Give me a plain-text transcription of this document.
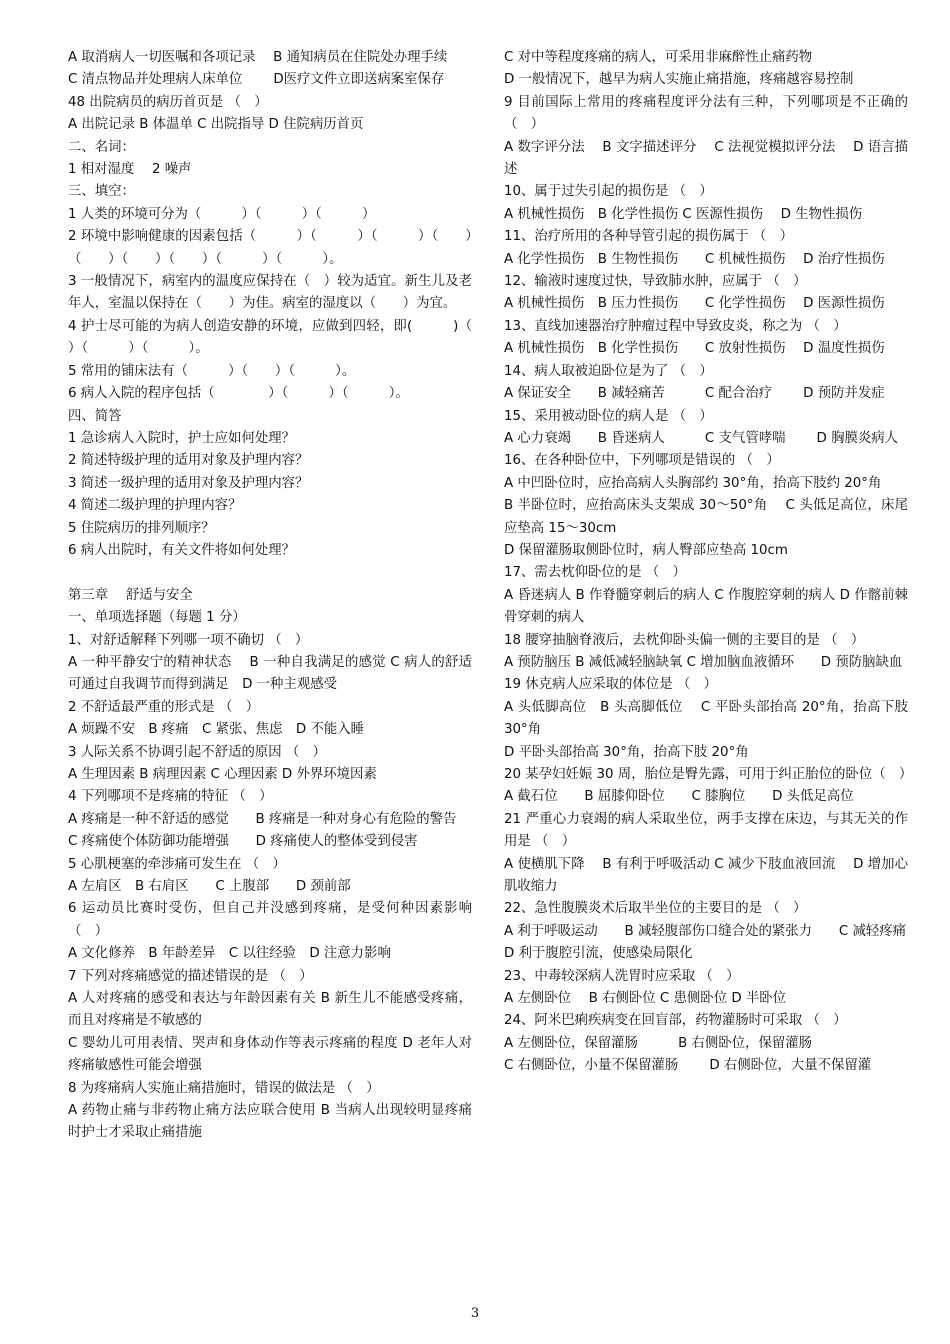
A 取消病人一切医嘱和各项记录　 B 通知病员在住院处办理手续
C 清点物品并处理病人床单位　　 D医疗文件立即送病案室保存
48 出院病员的病历首页是 （　）
A 出院记录 B 体温单 C 出院指导 D 住院病历首页
二、名词：
1 相对湿度　 2 噪声
三、填空：
1 人类的环境可分为（　　　）（　　　）（　　　）
2 环境中影响健康的因素包括（　　　）（　　　）（　　　）（　　）（　　）（　　）（　　）（　　　）（　　　）。
3 一般情况下，病室内的温度应保持在（　）较为适宜。新生儿及老年人，室温以保持在（　　）为佳。病室的湿度以（　　）为宜。
4 护士尽可能的为病人创造安静的环境，应做到四轻，即(　　　)（　　　）（　　　）（　　　）。
5 常用的铺床法有（　　　）（　　）（　　　）。
6 病人入院的程序包括（　　　　）（　　　）（　　　）。
四、简答
1 急诊病人入院时，护士应如何处理？
2 简述特级护理的适用对象及护理内容？
3 简述一级护理的适用对象及护理内容？
4 简述二级护理的护理内容？
5 住院病历的排列顺序？
6 病人出院时，有关文件将如何处理？
第三章　 舒适与安全
一、单项选择题（每题 1 分）
1、对舒适解释下列哪一项不确切 （　）
A 一种平静安宁的精神状态　 B 一种自我满足的感觉 C 病人的舒适可通过自我调节而得到满足　D 一种主观感受
2 不舒适最严重的形式是 （　）
A 烦躁不安　B 疼痛　C 紧张、焦虑　D 不能入睡
3 人际关系不协调引起不舒适的原因 （　）
A 生理因素 B 病理因素 C 心理因素 D 外界环境因素
4 下列哪项不是疼痛的特征 （　）
A 疼痛是一种不舒适的感觉　　B 疼痛是一种对身心有危险的警告
C 疼痛使个体防御功能增强　　D 疼痛使人的整体受到侵害
5 心肌梗塞的牵涉痛可发生在 （　）
A 左肩区　B 右肩区　　C 上腹部　　D 颈前部
6 运动员比赛时受伤，但自己并没感到疼痛，是受何种因素影响（　）
A 文化修养　B 年龄差异　C 以往经验　D 注意力影响
7 下列对疼痛感觉的描述错误的是 （　）
A 人对疼痛的感受和表达与年龄因素有关 B 新生儿不能感受疼痛，而且对疼痛是不敏感的
C 婴幼儿可用表情、哭声和身体动作等表示疼痛的程度 D 老年人对疼痛敏感性可能会增强
8 为疼痛病人实施止痛措施时，错误的做法是 （　）
A 药物止痛与非药物止痛方法应联合使用 B 当病人出现较明显疼痛时护士才采取止痛措施
C 对中等程度疼痛的病人，可采用非麻醉性止痛药物
D 一般情况下，越早为病人实施止痛措施，疼痛越容易控制
9 目前国际上常用的疼痛程度评分法有三种，下列哪项是不正确的 （　）
A 数字评分法　 B 文字描述评分　 C 法视觉模拟评分法　 D 语言描述
10、属于过失引起的损伤是 （　）
A 机械性损伤　B 化学性损伤 C 医源性损伤　 D 生物性损伤
11、治疗所用的各种导管引起的损伤属于 （　）
A 化学性损伤　B 生物性损伤　　C 机械性损伤　 D 治疗性损伤
12、输液时速度过快，导致肺水肿，应属于 （　）
A 机械性损伤　B 压力性损伤　　C 化学性损伤　 D 医源性损伤
13、直线加速器治疗肿瘤过程中导致皮炎，称之为 （　）
A 机械性损伤　B 化学性损伤　　C 放射性损伤　 D 温度性损伤
14、病人取被迫卧位是为了 （　）
A 保证安全　　B 减轻痛苦　　　C 配合治疗　　 D 预防并发症
15、采用被动卧位的病人是 （　）
A 心力衰竭　　B 昏迷病人　　　C 支气管哮喘　　 D 胸膜炎病人
16、在各种卧位中，下列哪项是错误的 （　）
A 中凹卧位时，应抬高病人头胸部约 30°角，抬高下肢约 20°角
B 半卧位时，应抬高床头支架成 30～50°角　 C 头低足高位，床尾应垫高 15～30cm
D 保留灌肠取侧卧位时，病人臀部应垫高 10cm
17、需去枕仰卧位的是 （　）
A 昏迷病人 B 作脊髓穿刺后的病人 C 作腹腔穿刺的病人 D 作髂前棘骨穿刺的病人
18 腰穿抽脑脊液后，去枕仰卧头偏一侧的主要目的是 （　）
A 预防脑压 B 减低减轻脑缺氧 C 增加脑血液循环　　D 预防脑缺血
19 休克病人应采取的体位是 （　）
A 头低脚高位　B 头高脚低位　 C 平卧头部抬高 20°角，抬高下肢 30°角
D 平卧头部抬高 30°角，抬高下肢 20°角
20 某孕妇妊娠 30 周，胎位是臀先露，可用于纠正胎位的卧位（　）
A 截石位　　B 屈膝仰卧位　　C 膝胸位　　D 头低足高位
21 严重心力衰竭的病人采取坐位，两手支撑在床边，与其无关的作用是 （　）
A 使横肌下降　 B 有利于呼吸活动 C 减少下肢血液回流　 D 增加心肌收缩力
22、急性腹膜炎术后取半坐位的主要目的是 （　）
A 利于呼吸运动　　B 减轻腹部伤口缝合处的紧张力　　C 减轻疼痛
D 利于腹腔引流，使感染局限化
23、中毒较深病人洗胃时应采取 （　）
A 左侧卧位　 B 右侧卧位 C 患侧卧位 D 半卧位
24、阿米巴痢疾病变在回盲部，药物灌肠时可采取 （　）
A 左侧卧位，保留灌肠　　　B 右侧卧位，保留灌肠
C 右侧卧位，小量不保留灌肠　　 D 右侧卧位，大量不保留灌
3
